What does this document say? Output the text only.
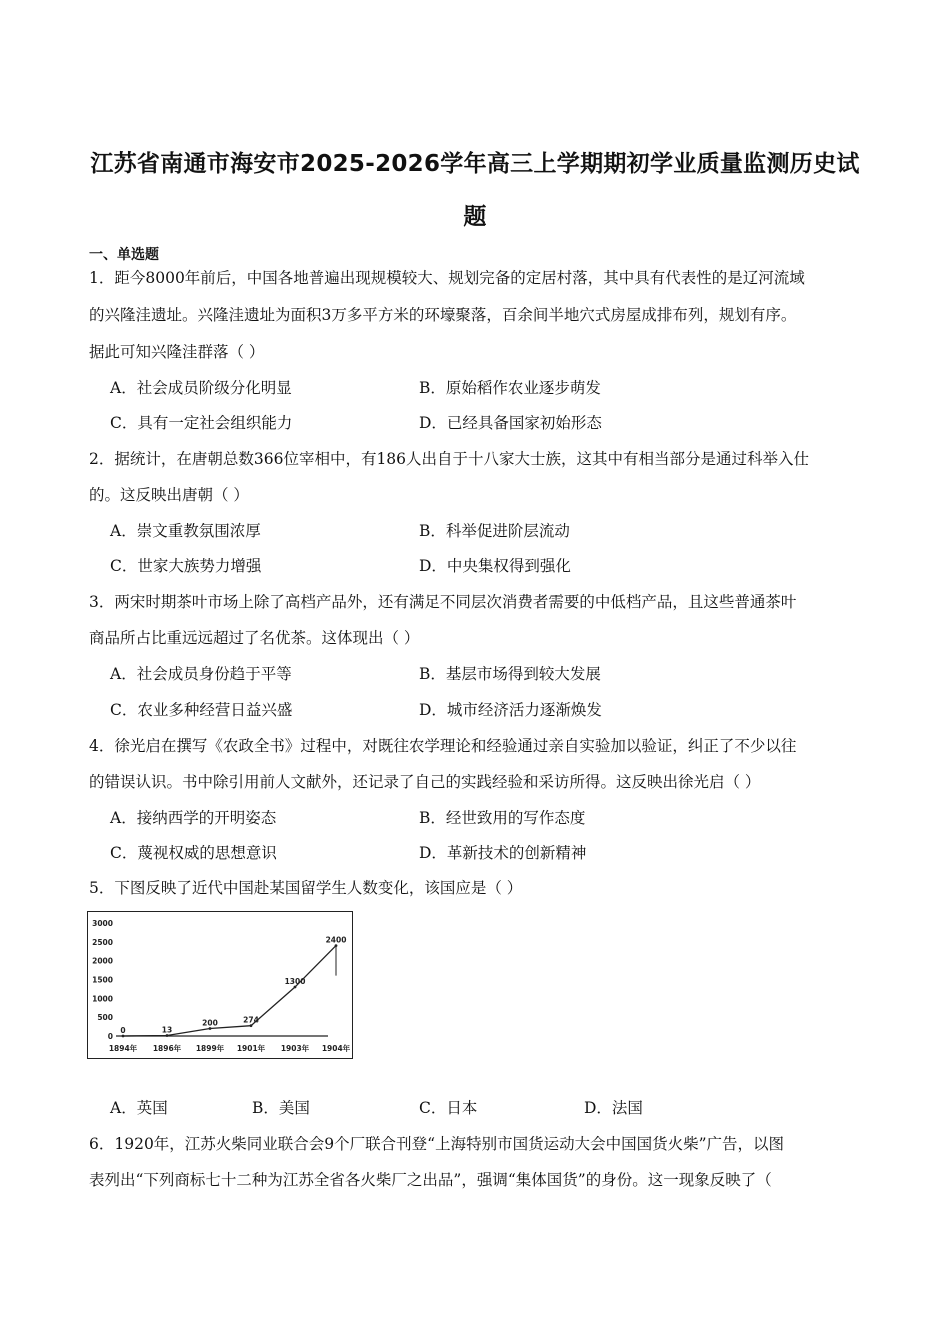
江苏省南通市海安市2025-2026学年高三上学期期初学业质量监测历史试
题
一、单选题
1．距今8000年前后，中国各地普遍出现规模较大、规划完备的定居村落，其中具有代表性的是辽河流域
的兴隆洼遗址。兴隆洼遗址为面积3万多平方米的环壕聚落，百余间半地穴式房屋成排布列，规划有序。
据此可知兴隆洼群落（ ）
A．社会成员阶级分化明显	B．原始稻作农业逐步萌发
C．具有一定社会组织能力	D．已经具备国家初始形态
2．据统计，在唐朝总数366位宰相中，有186人出自于十八家大士族，这其中有相当部分是通过科举入仕
的。这反映出唐朝（ ）
A．崇文重教氛围浓厚	B．科举促进阶层流动
C．世家大族势力增强	D．中央集权得到强化
3．两宋时期茶叶市场上除了高档产品外，还有满足不同层次消费者需要的中低档产品，且这些普通茶叶
商品所占比重远远超过了名优茶。这体现出（ ）
A．社会成员身份趋于平等	B．基层市场得到较大发展
C．农业多种经营日益兴盛	D．城市经济活力逐渐焕发
4．徐光启在撰写《农政全书》过程中，对既往农学理论和经验通过亲自实验加以验证，纠正了不少以往
的错误认识。书中除引用前人文献外，还记录了自己的实践经验和采访所得。这反映出徐光启（ ）
A．接纳西学的开明姿态	B．经世致用的写作态度
C．蔑视权威的思想意识	D．革新技术的创新精神
5．下图反映了近代中国赴某国留学生人数变化，该国应是（ ）
0
500
1000
1500
2000
2500
3000
1894年 1896年 1899年 1901年 1903年 1904年
0	13
200	274
1300
2400
A．英国	B．美国	C．日本	D．法国
6．1920年，江苏火柴同业联合会9个厂联合刊登“上海特别市国货运动大会中国国货火柴”广告，以图
表列出“下列商标七十二种为江苏全省各火柴厂之出品”，强调“集体国货”的身份。这一现象反映了（
